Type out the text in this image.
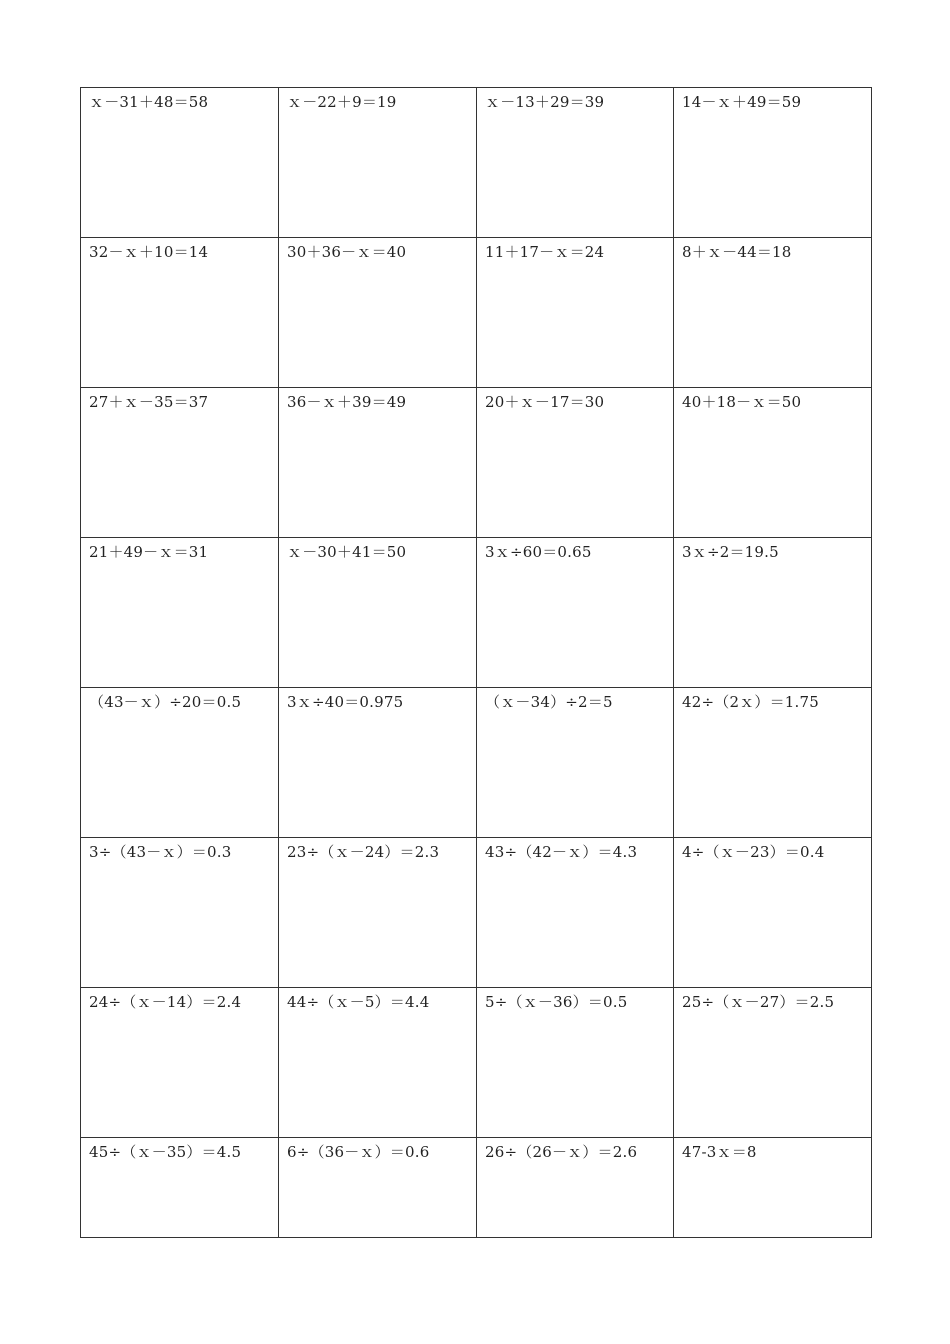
ｘ－31＋48＝58	ｘ－22＋9＝19	ｘ－13＋29＝39	14－ｘ＋49＝59

32－ｘ＋10＝14	30＋36－ｘ＝40	11＋17－ｘ＝24	8＋ｘ－44＝18

27＋ｘ－35＝37	36－ｘ＋39＝49	20＋ｘ－17＝30	40＋18－ｘ＝50

21＋49－ｘ＝31	ｘ－30＋41＝50	3ｘ÷60＝0.65	3ｘ÷2＝19.5

（43－ｘ）÷20＝0.5	3ｘ÷40＝0.975	（ｘ－34）÷2＝5	42÷（2ｘ）＝1.75

3÷（43－ｘ）＝0.3	23÷（ｘ－24）＝2.3	43÷（42－ｘ）＝4.3	4÷（ｘ－23）＝0.4

24÷（ｘ－14）＝2.4	44÷（ｘ－5）＝4.4	5÷（ｘ－36）＝0.5	25÷（ｘ－27）＝2.5

45÷（ｘ－35）＝4.5	6÷（36－ｘ）＝0.6	26÷（26－ｘ）＝2.6	47-3ｘ＝8
